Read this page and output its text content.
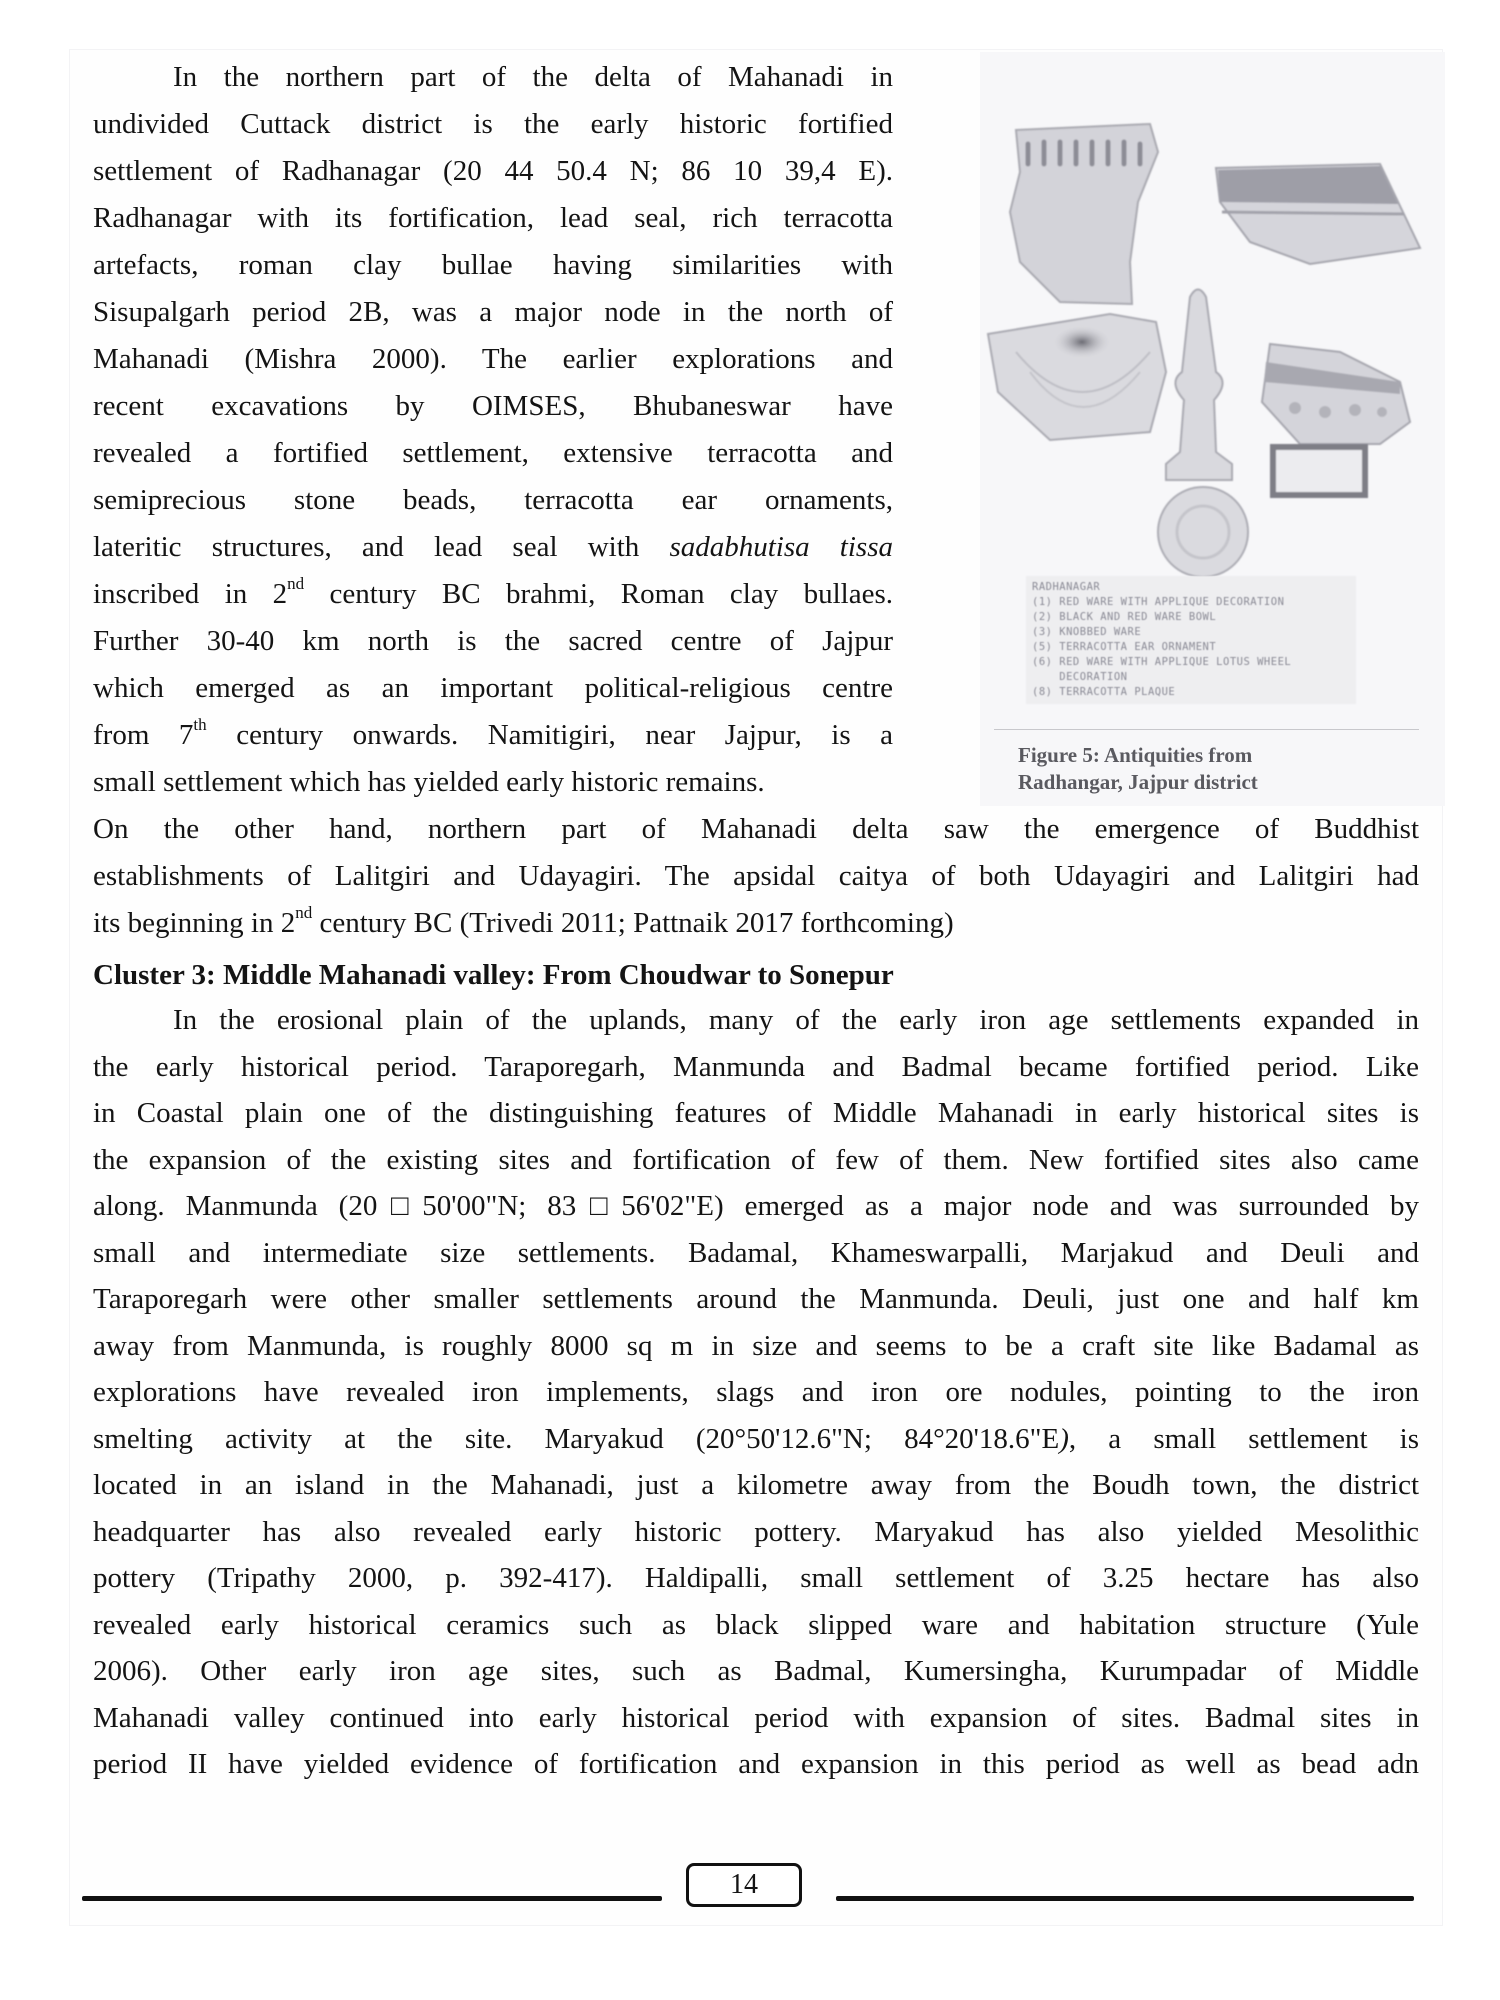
In the northern part of the delta of Mahanadi in
undivided Cuttack district is the early historic fortified
settlement of Radhanagar (20 44 50.4 N; 86 10 39,4 E).
Radhanagar with its fortification, lead seal, rich terracotta
artefacts, roman clay bullae having similarities with
Sisupalgarh period 2B, was a major node in the north of
Mahanadi (Mishra 2000). The earlier explorations and
recent excavations by OIMSES, Bhubaneswar have
revealed a fortified settlement, extensive terracotta and
semiprecious stone beads, terracotta ear ornaments,
lateritic structures, and lead seal with sadabhutisa tissa
inscribed in 2nd century BC brahmi, Roman clay bullaes.
Further 30-40 km north is the sacred centre of Jajpur
which emerged as an important political-religious centre
from 7th century onwards. Namitigiri, near Jajpur, is a
small settlement which has yielded early historic remains.
On the other hand, northern part of Mahanadi delta saw the emergence of Buddhist
establishments of Lalitgiri and Udayagiri. The apsidal caitya of both Udayagiri and Lalitgiri had
its beginning in 2nd century BC (Trivedi 2011; Pattnaik 2017 forthcoming)
Cluster 3: Middle Mahanadi valley: From Choudwar to Sonepur
In the erosional plain of the uplands, many of the early iron age settlements expanded in
the early historical period. Taraporegarh, Manmunda and Badmal became fortified period. Like
in Coastal plain one of the distinguishing features of Middle Mahanadi in early historical sites is
the expansion of the existing sites and fortification of few of them. New fortified sites also came
along. Manmunda (20□50'00"N; 83□56'02"E) emerged as a major node and was surrounded by
small and intermediate size settlements. Badamal, Khameswarpalli, Marjakud and Deuli and
Taraporegarh were other smaller settlements around the Manmunda. Deuli, just one and half km
away from Manmunda, is roughly 8000 sq m in size and seems to be a craft site like Badamal as
explorations have revealed iron implements, slags and iron ore nodules, pointing to the iron
smelting activity at the site. Maryakud (20°50'12.6"N; 84°20'18.6"E), a small settlement is
located in an island in the Mahanadi, just a kilometre away from the Boudh town, the district
headquarter has also revealed early historic pottery. Maryakud has also yielded Mesolithic
pottery (Tripathy 2000, p. 392-417). Haldipalli, small settlement of 3.25 hectare has also
revealed early historical ceramics such as black slipped ware and habitation structure (Yule
2006). Other early iron age sites, such as Badmal, Kumersingha, Kurumpadar of Middle
Mahanadi valley continued into early historical period with expansion of sites. Badmal sites in
period II have yielded evidence of fortification and expansion in this period as well as bead adn
RADHANAGAR
(1) RED WARE WITH APPLIQUE DECORATION
(2) BLACK AND RED WARE BOWL
(3) KNOBBED WARE
(5) TERRACOTTA EAR ORNAMENT
(6) RED WARE WITH APPLIQUE LOTUS WHEEL
DECORATION
(8) TERRACOTTA PLAQUE
Figure 5: Antiquities from
Radhangar, Jajpur district
14
